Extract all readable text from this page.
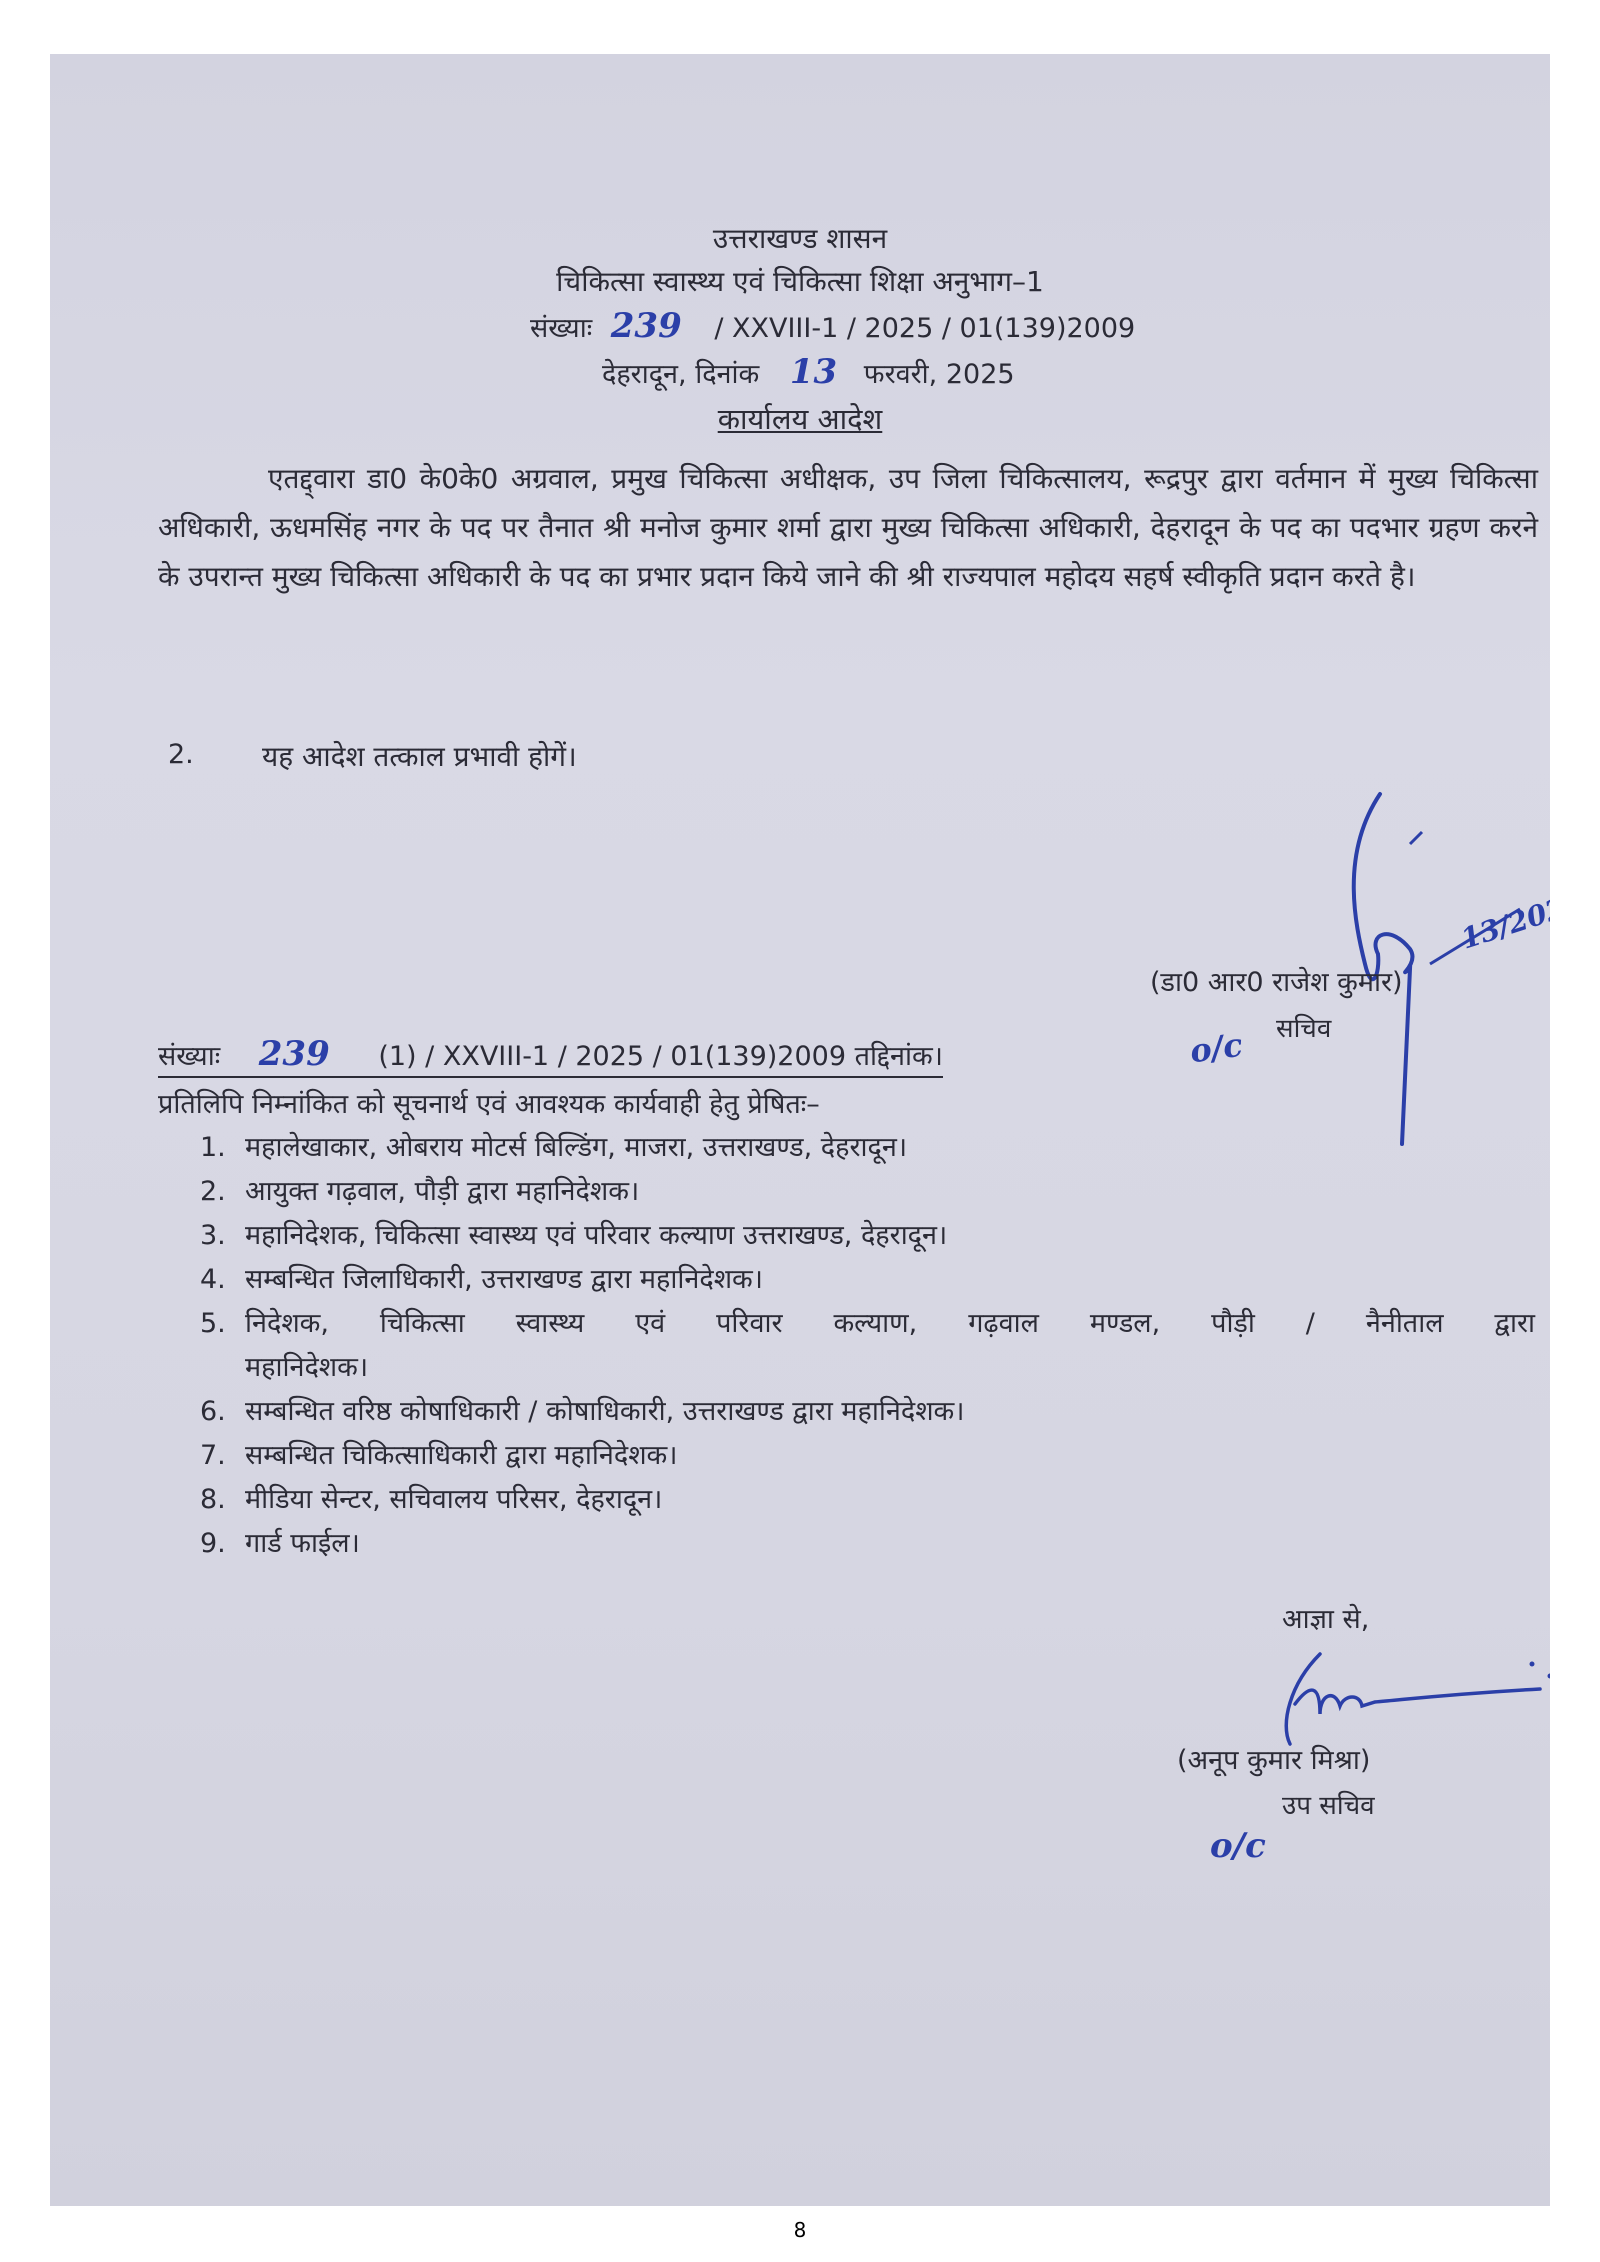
उत्तराखण्ड शासन
चिकित्सा स्वास्थ्य एवं चिकित्सा शिक्षा अनुभाग–1
संख्याः 239 / XXVIII-1 / 2025 / 01(139)2009
देहरादून, दिनांक 13 फरवरी, 2025
कार्यालय आदेश
एतद्द्वारा डा0 के0के0 अग्रवाल, प्रमुख चिकित्सा अधीक्षक, उप जिला चिकित्सालय, रूद्रपुर द्वारा वर्तमान में मुख्य चिकित्सा अधिकारी, ऊधमसिंह नगर के पद पर तैनात श्री मनोज कुमार शर्मा द्वारा मुख्य चिकित्सा अधिकारी, देहरादून के पद का पदभार ग्रहण करने के उपरान्त मुख्य चिकित्सा अधिकारी के पद का प्रभार प्रदान किये जाने की श्री राज्यपाल महोदय सहर्ष स्वीकृति प्रदान करते है।
2. यह आदेश तत्काल प्रभावी होगें।
13/2025
(डा0 आर0 राजेश कुमार)
सचिव
o/c
संख्याः 239 (1) / XXVIII-1 / 2025 / 01(139)2009 तद्दिनांक।
प्रतिलिपि निम्नांकित को सूचनार्थ एवं आवश्यक कार्यवाही हेतु प्रेषितः–
1. महालेखाकार, ओबराय मोटर्स बिल्डिंग, माजरा, उत्तराखण्ड, देहरादून।
2. आयुक्त गढ़वाल, पौड़ी द्वारा महानिदेशक।
3. महानिदेशक, चिकित्सा स्वास्थ्य एवं परिवार कल्याण उत्तराखण्ड, देहरादून।
4. सम्बन्धित जिलाधिकारी, उत्तराखण्ड द्वारा महानिदेशक।
5. निदेशक, चिकित्सा स्वास्थ्य एवं परिवार कल्याण, गढ़वाल मण्डल, पौड़ी / नैनीताल द्वारा
महानिदेशक।
6. सम्बन्धित वरिष्ठ कोषाधिकारी / कोषाधिकारी, उत्तराखण्ड द्वारा महानिदेशक।
7. सम्बन्धित चिकित्साधिकारी द्वारा महानिदेशक।
8. मीडिया सेन्टर, सचिवालय परिसर, देहरादून।
9. गार्ड फाईल।
आज्ञा से,
(अनूप कुमार मिश्रा)
उप सचिव
o/c
8
